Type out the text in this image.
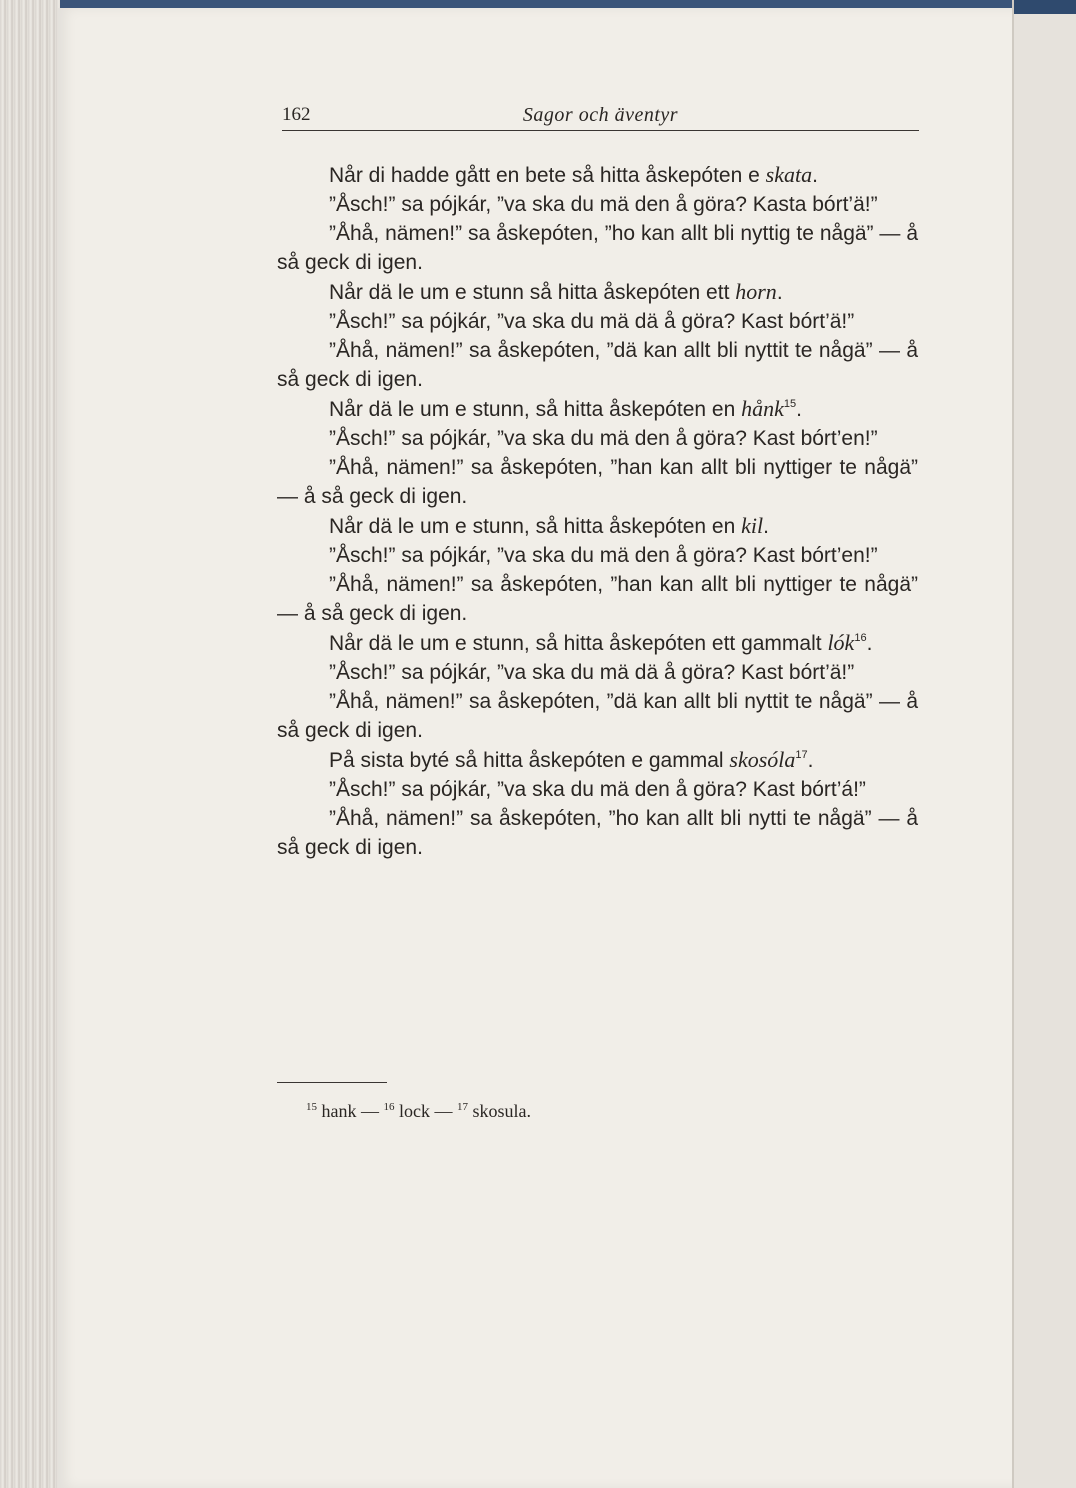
162	Sagor och äventyr

Når di hadde gått en bete så hitta åskepóten e skata.

”Åsch!” sa pójkár, ”va ska du mä den å göra? Kasta bórt’ä!”

”Åhå, nämen!” sa åskepóten, ”ho kan allt bli nyttig te någä” — å så geck di igen.

Når dä le um e stunn så hitta åskepóten ett horn.

”Åsch!” sa pójkár, ”va ska du mä dä å göra? Kast bórt’ä!”

”Åhå, nämen!” sa åskepóten, ”dä kan allt bli nyttit te någä” — å så geck di igen.

Når dä le um e stunn, så hitta åskepóten en hånk$^{15}$.

”Åsch!” sa pójkár, ”va ska du mä den å göra? Kast bórt’en!”

”Åhå, nämen!” sa åskepóten, ”han kan allt bli nyttiger te någä” — å så geck di igen.

Når dä le um e stunn, så hitta åskepóten en kil.

”Åsch!” sa pójkár, ”va ska du mä den å göra? Kast bórt’en!”

”Åhå, nämen!” sa åskepóten, ”han kan allt bli nyttiger te någä” — å så geck di igen.

Når dä le um e stunn, så hitta åskepóten ett gammalt lók$^{16}$.

”Åsch!” sa pójkár, ”va ska du mä dä å göra? Kast bórt’ä!”

”Åhå, nämen!” sa åskepóten, ”dä kan allt bli nyttit te någä” — å så geck di igen.

På sista byté så hitta åskepóten e gammal skosóla$^{17}$.

”Åsch!” sa pójkár, ”va ska du mä den å göra? Kast bórt’á!”

”Åhå, nämen!” sa åskepóten, ”ho kan allt bli nytti te någä” — å så geck di igen.

$^{15}$ hank — $^{16}$ lock — $^{17}$ skosula.
